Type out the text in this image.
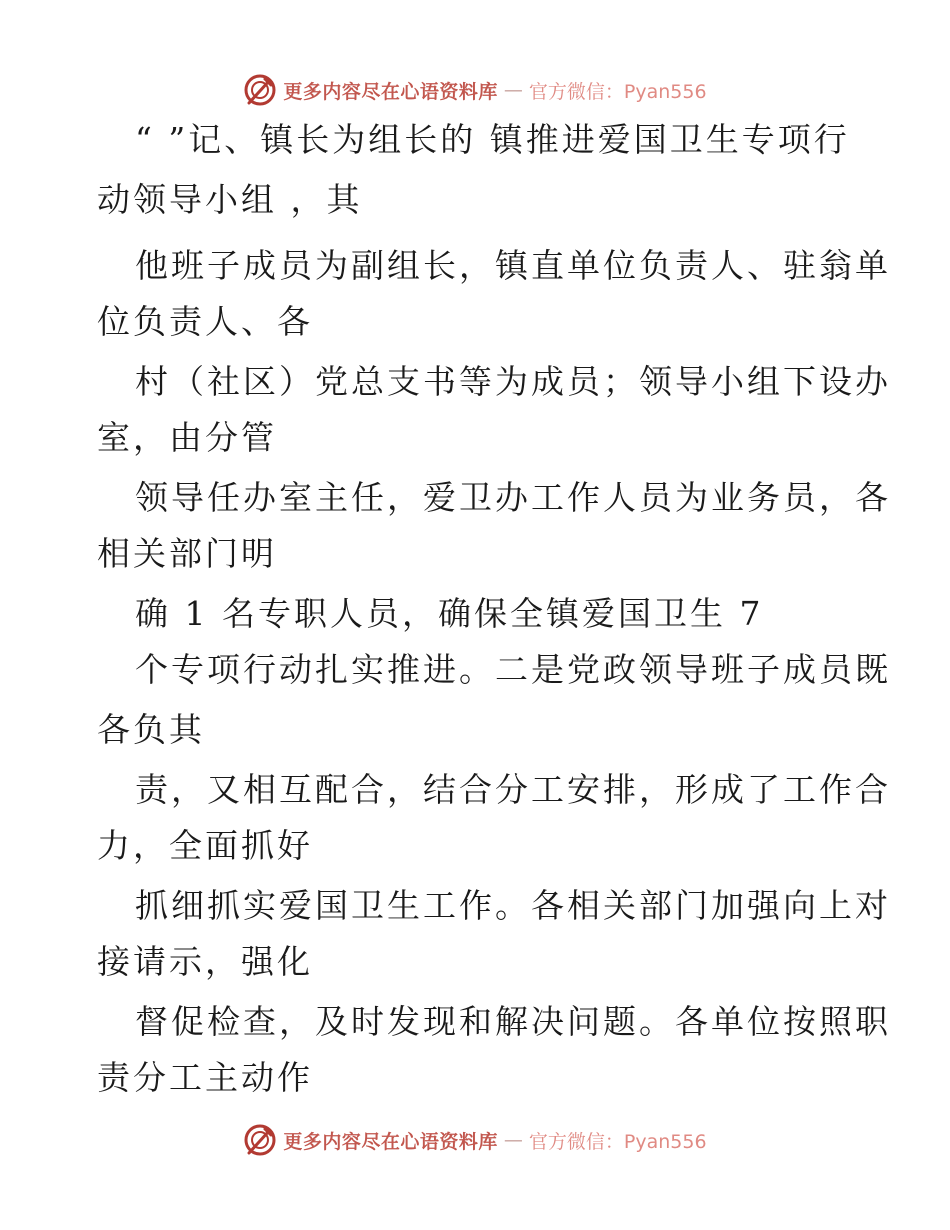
更多内容尽在心语资料库 — 官方微信：Pyan556
“ ”记、镇长为组长的 镇推进爱国卫生专项行
动领导小组 ，其
他班子成员为副组长，镇直单位负责人、驻翁单
位负责人、各
村（社区）党总支书等为成员；领导小组下设办
室，由分管
领导任办室主任，爱卫办工作人员为业务员，各
相关部门明
确 1 名专职人员，确保全镇爱国卫生 7
个专项行动扎实推进。二是党政领导班子成员既
各负其
责，又相互配合，结合分工安排，形成了工作合
力，全面抓好
抓细抓实爱国卫生工作。各相关部门加强向上对
接请示，强化
督促检查，及时发现和解决问题。各单位按照职
责分工主动作
更多内容尽在心语资料库 — 官方微信：Pyan556
